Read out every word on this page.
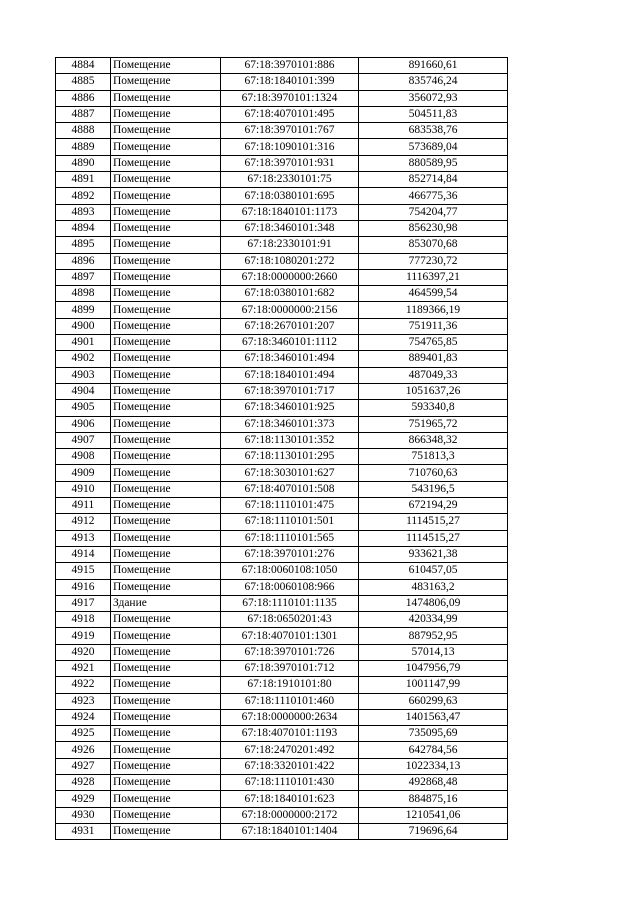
4884	Помещение	67:18:3970101:886	891660,61
4885	Помещение	67:18:1840101:399	835746,24
4886	Помещение	67:18:3970101:1324	356072,93
4887	Помещение	67:18:4070101:495	504511,83
4888	Помещение	67:18:3970101:767	683538,76
4889	Помещение	67:18:1090101:316	573689,04
4890	Помещение	67:18:3970101:931	880589,95
4891	Помещение	67:18:2330101:75	852714,84
4892	Помещение	67:18:0380101:695	466775,36
4893	Помещение	67:18:1840101:1173	754204,77
4894	Помещение	67:18:3460101:348	856230,98
4895	Помещение	67:18:2330101:91	853070,68
4896	Помещение	67:18:1080201:272	777230,72
4897	Помещение	67:18:0000000:2660	1116397,21
4898	Помещение	67:18:0380101:682	464599,54
4899	Помещение	67:18:0000000:2156	1189366,19
4900	Помещение	67:18:2670101:207	751911,36
4901	Помещение	67:18:3460101:1112	754765,85
4902	Помещение	67:18:3460101:494	889401,83
4903	Помещение	67:18:1840101:494	487049,33
4904	Помещение	67:18:3970101:717	1051637,26
4905	Помещение	67:18:3460101:925	593340,8
4906	Помещение	67:18:3460101:373	751965,72
4907	Помещение	67:18:1130101:352	866348,32
4908	Помещение	67:18:1130101:295	751813,3
4909	Помещение	67:18:3030101:627	710760,63
4910	Помещение	67:18:4070101:508	543196,5
4911	Помещение	67:18:1110101:475	672194,29
4912	Помещение	67:18:1110101:501	1114515,27
4913	Помещение	67:18:1110101:565	1114515,27
4914	Помещение	67:18:3970101:276	933621,38
4915	Помещение	67:18:0060108:1050	610457,05
4916	Помещение	67:18:0060108:966	483163,2
4917	Здание	67:18:1110101:1135	1474806,09
4918	Помещение	67:18:0650201:43	420334,99
4919	Помещение	67:18:4070101:1301	887952,95
4920	Помещение	67:18:3970101:726	57014,13
4921	Помещение	67:18:3970101:712	1047956,79
4922	Помещение	67:18:1910101:80	1001147,99
4923	Помещение	67:18:1110101:460	660299,63
4924	Помещение	67:18:0000000:2634	1401563,47
4925	Помещение	67:18:4070101:1193	735095,69
4926	Помещение	67:18:2470201:492	642784,56
4927	Помещение	67:18:3320101:422	1022334,13
4928	Помещение	67:18:1110101:430	492868,48
4929	Помещение	67:18:1840101:623	884875,16
4930	Помещение	67:18:0000000:2172	1210541,06
4931	Помещение	67:18:1840101:1404	719696,64
